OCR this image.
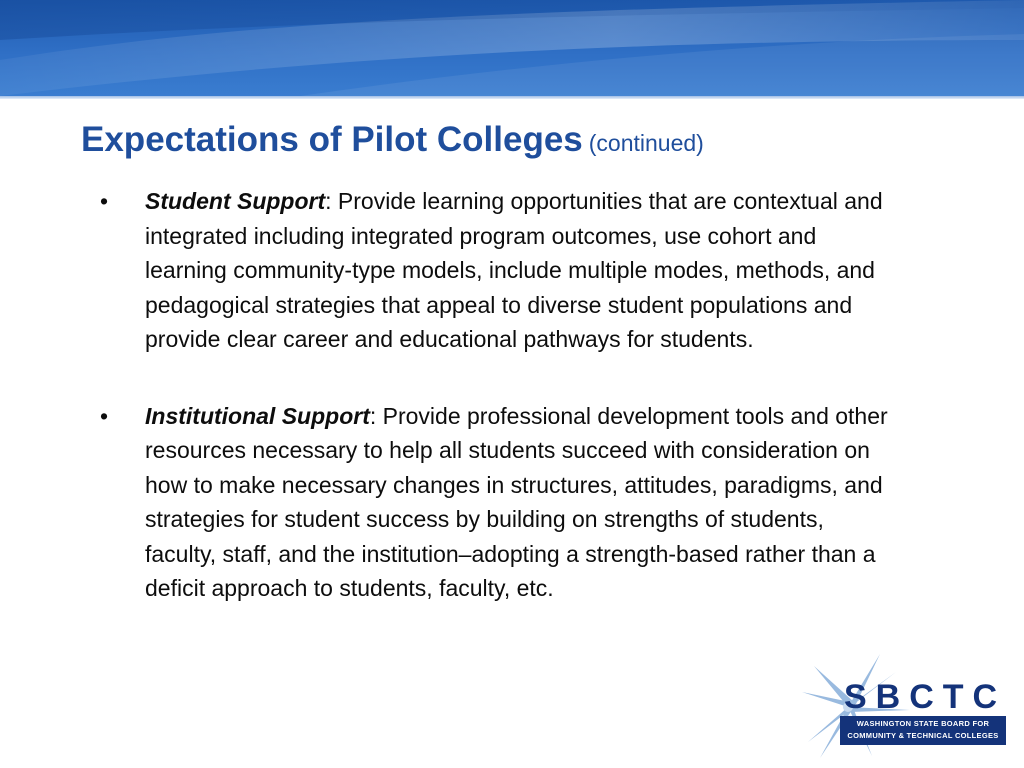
Expectations of Pilot Colleges (continued)
• Student Support: Provide learning opportunities that are contextual and integrated including integrated program outcomes, use cohort and learning community-type models, include multiple modes, methods, and pedagogical strategies that appeal to diverse student populations and provide clear career and educational pathways for students.
• Institutional Support: Provide professional development tools and other resources necessary to help all students succeed with consideration on how to make necessary changes in structures, attitudes, paradigms, and strategies for student success by building on strengths of students, faculty, staff, and the institution–adopting a strength-based rather than a deficit approach to students, faculty, etc.
SBCTC
WASHINGTON STATE BOARD FOR
COMMUNITY & TECHNICAL COLLEGES
